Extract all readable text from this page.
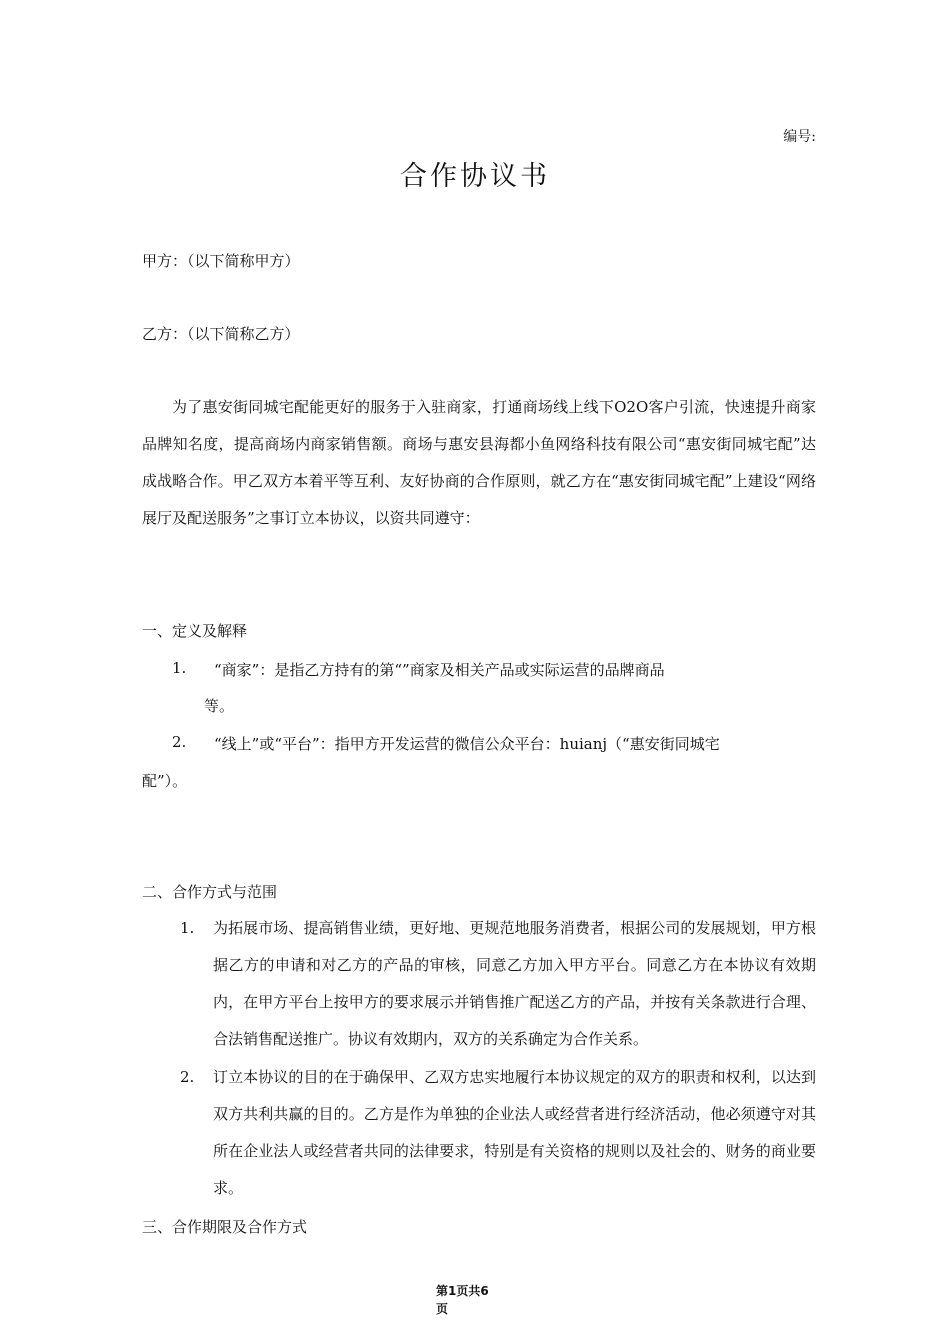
编号:
合作协议书
甲方：（以下简称甲方）
乙方：（以下简称乙方）
为了惠安街同城宅配能更好的服务于入驻商家，打通商场线上线下O2O客户引流，快速提升商家品牌知名度，提高商场内商家销售额。商场与惠安县海都小鱼网络科技有限公司“惠安街同城宅配”达成战略合作。甲乙双方本着平等互利、友好协商的合作原则，就乙方在“惠安街同城宅配”上建设“网络展厅及配送服务”之事订立本协议，以资共同遵守：
一、定义及解释
1. “商家”：是指乙方持有的第“”商家及相关产品或实际运营的品牌商品
等。
2. “线上”或“平台”：指甲方开发运营的微信公众平台：huianj（“惠安街同城宅
配”）。
二、合作方式与范围
1. 为拓展市场、提高销售业绩，更好地、更规范地服务消费者，根据公司的发展规划，甲方根据乙方的申请和对乙方的产品的审核，同意乙方加入甲方平台。同意乙方在本协议有效期内，在甲方平台上按甲方的要求展示并销售推广配送乙方的产品，并按有关条款进行合理、合法销售配送推广。协议有效期内，双方的关系确定为合作关系。
2. 订立本协议的目的在于确保甲、乙双方忠实地履行本协议规定的双方的职责和权利，以达到双方共利共赢的目的。乙方是作为单独的企业法人或经营者进行经济活动，他必须遵守对其所在企业法人或经营者共同的法律要求，特别是有关资格的规则以及社会的、财务的商业要求。
三、合作期限及合作方式
第1页共6
页
